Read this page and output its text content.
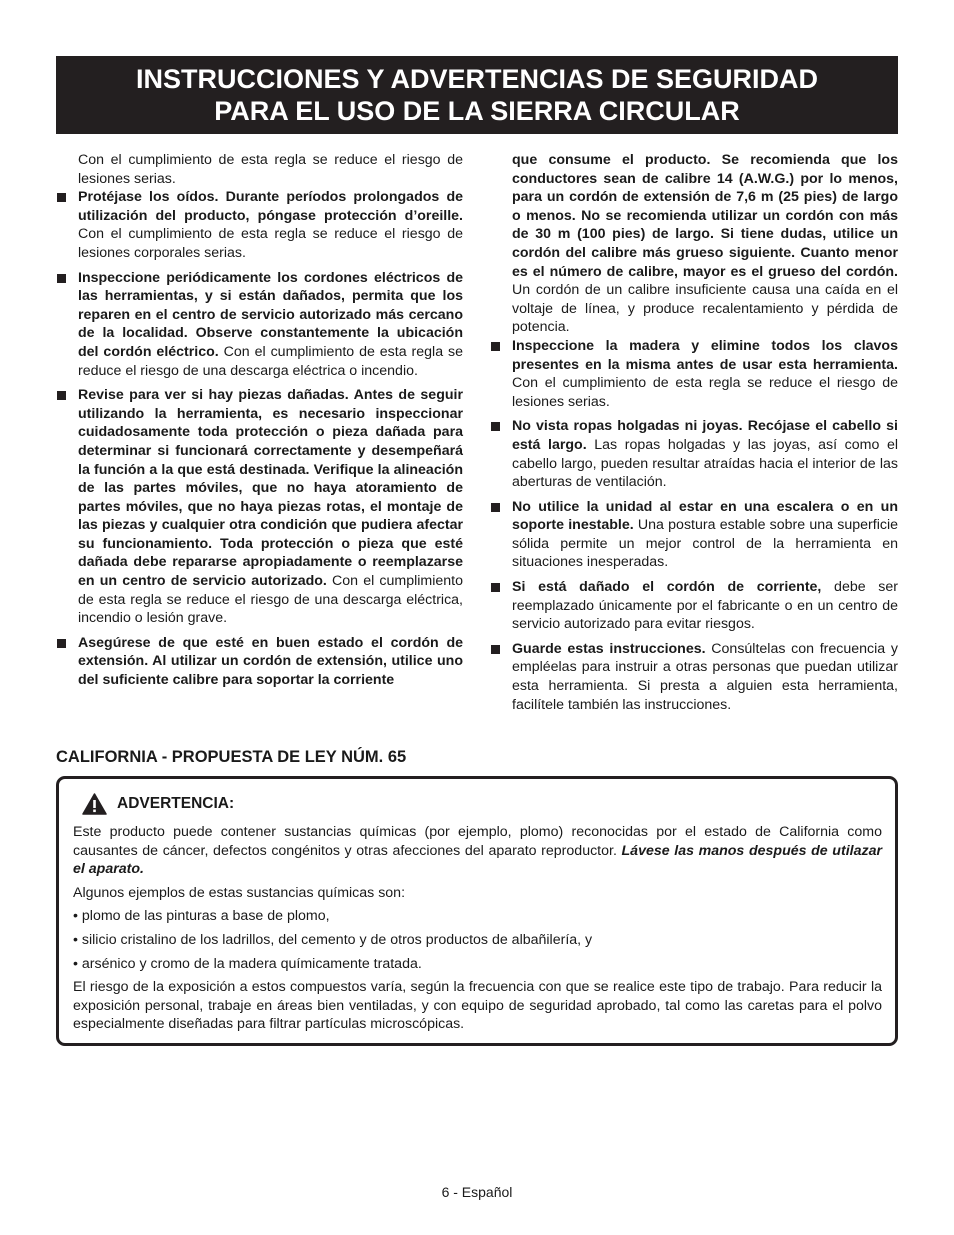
INSTRUCCIONES Y ADVERTENCIAS DE SEGURIDAD
PARA EL USO DE LA SIERRA CIRCULAR

Con el cumplimiento de esta regla se reduce el riesgo de lesiones serias.

Protéjase los oídos. Durante períodos prolongados de utilización del producto, póngase protección d’oreille. Con el cumplimiento de esta regla se reduce el riesgo de lesiones corporales serias.
Inspeccione periódicamente los cordones eléctricos de las herramientas, y si están dañados, permita que los reparen en el centro de servicio autorizado más cercano de la localidad. Observe constantemente la ubicación del cordón eléctrico. Con el cumplimiento de esta regla se reduce el riesgo de una descarga eléctrica o incendio.
Revise para ver si hay piezas dañadas. Antes de seguir utilizando la herramienta, es necesario inspeccionar cuidadosamente toda protección o pieza dañada para determinar si funcionará correctamente y desempeñará la función a la que está destinada. Verifique la alineación de las partes móviles, que no haya atoramiento de partes móviles, que no haya piezas rotas, el montaje de las piezas y cualquier otra condición que pudiera afectar su funcionamiento. Toda protección o pieza que esté dañada debe repararse apropiadamente o reemplazarse en un centro de servicio autorizado. Con el cumplimiento de esta regla se reduce el riesgo de una descarga eléctrica, incendio o lesión grave.
Asegúrese de que esté en buen estado el cordón de extensión. Al utilizar un cordón de extensión, utilice uno del suficiente calibre para soportar la corriente

que consume el producto. Se recomienda que los conductores sean de calibre 14 (A.W.G.) por lo menos, para un cordón de extensión de 7,6 m (25 pies) de largo o menos. No se recomienda utilizar un cordón con más de 30 m (100 pies) de largo. Si tiene dudas, utilice un cordón del calibre más grueso siguiente. Cuanto menor es el número de calibre, mayor es el grueso del cordón. Un cordón de un calibre insuficiente causa una caída en el voltaje de línea, y produce recalentamiento y pérdida de potencia.

Inspeccione la madera y elimine todos los clavos presentes en la misma antes de usar esta herramienta. Con el cumplimiento de esta regla se reduce el riesgo de lesiones serias.
No vista ropas holgadas ni joyas. Recójase el cabello si está largo. Las ropas holgadas y las joyas, así como el cabello largo, pueden resultar atraídas hacia el interior de las aberturas de ventilación.
No utilice la unidad al estar en una escalera o en un soporte inestable. Una postura estable sobre una superficie sólida permite un mejor control de la herramienta en situaciones inesperadas.
Si está dañado el cordón de corriente, debe ser reemplazado únicamente por el fabricante o en un centro de servicio autorizado para evitar riesgos.
Guarde estas instrucciones. Consúltelas con frecuencia y empléelas para instruir a otras personas que puedan utilizar esta herramienta. Si presta a alguien esta herramienta, facilítele también las instrucciones.
CALIFORNIA - PROPUESTA DE LEY NÚM. 65
ADVERTENCIA:

Este producto puede contener sustancias químicas (por ejemplo, plomo) reconocidas por el estado de California como causantes de cáncer, defectos congénitos y otras afecciones del aparato reproductor. Lávese las manos después de utilazar el aparato.

Algunos ejemplos de estas sustancias químicas son:

• plomo de las pinturas a base de plomo,

• silicio cristalino de los ladrillos, del cemento y de otros productos de albañilería, y

• arsénico y cromo de la madera químicamente tratada.

El riesgo de la exposición a estos compuestos varía, según la frecuencia con que se realice este tipo de trabajo. Para reducir la exposición personal, trabaje en áreas bien ventiladas, y con equipo de seguridad aprobado, tal como las caretas para el polvo especialmente diseñadas para filtrar partículas microscópicas.

6 - Español
